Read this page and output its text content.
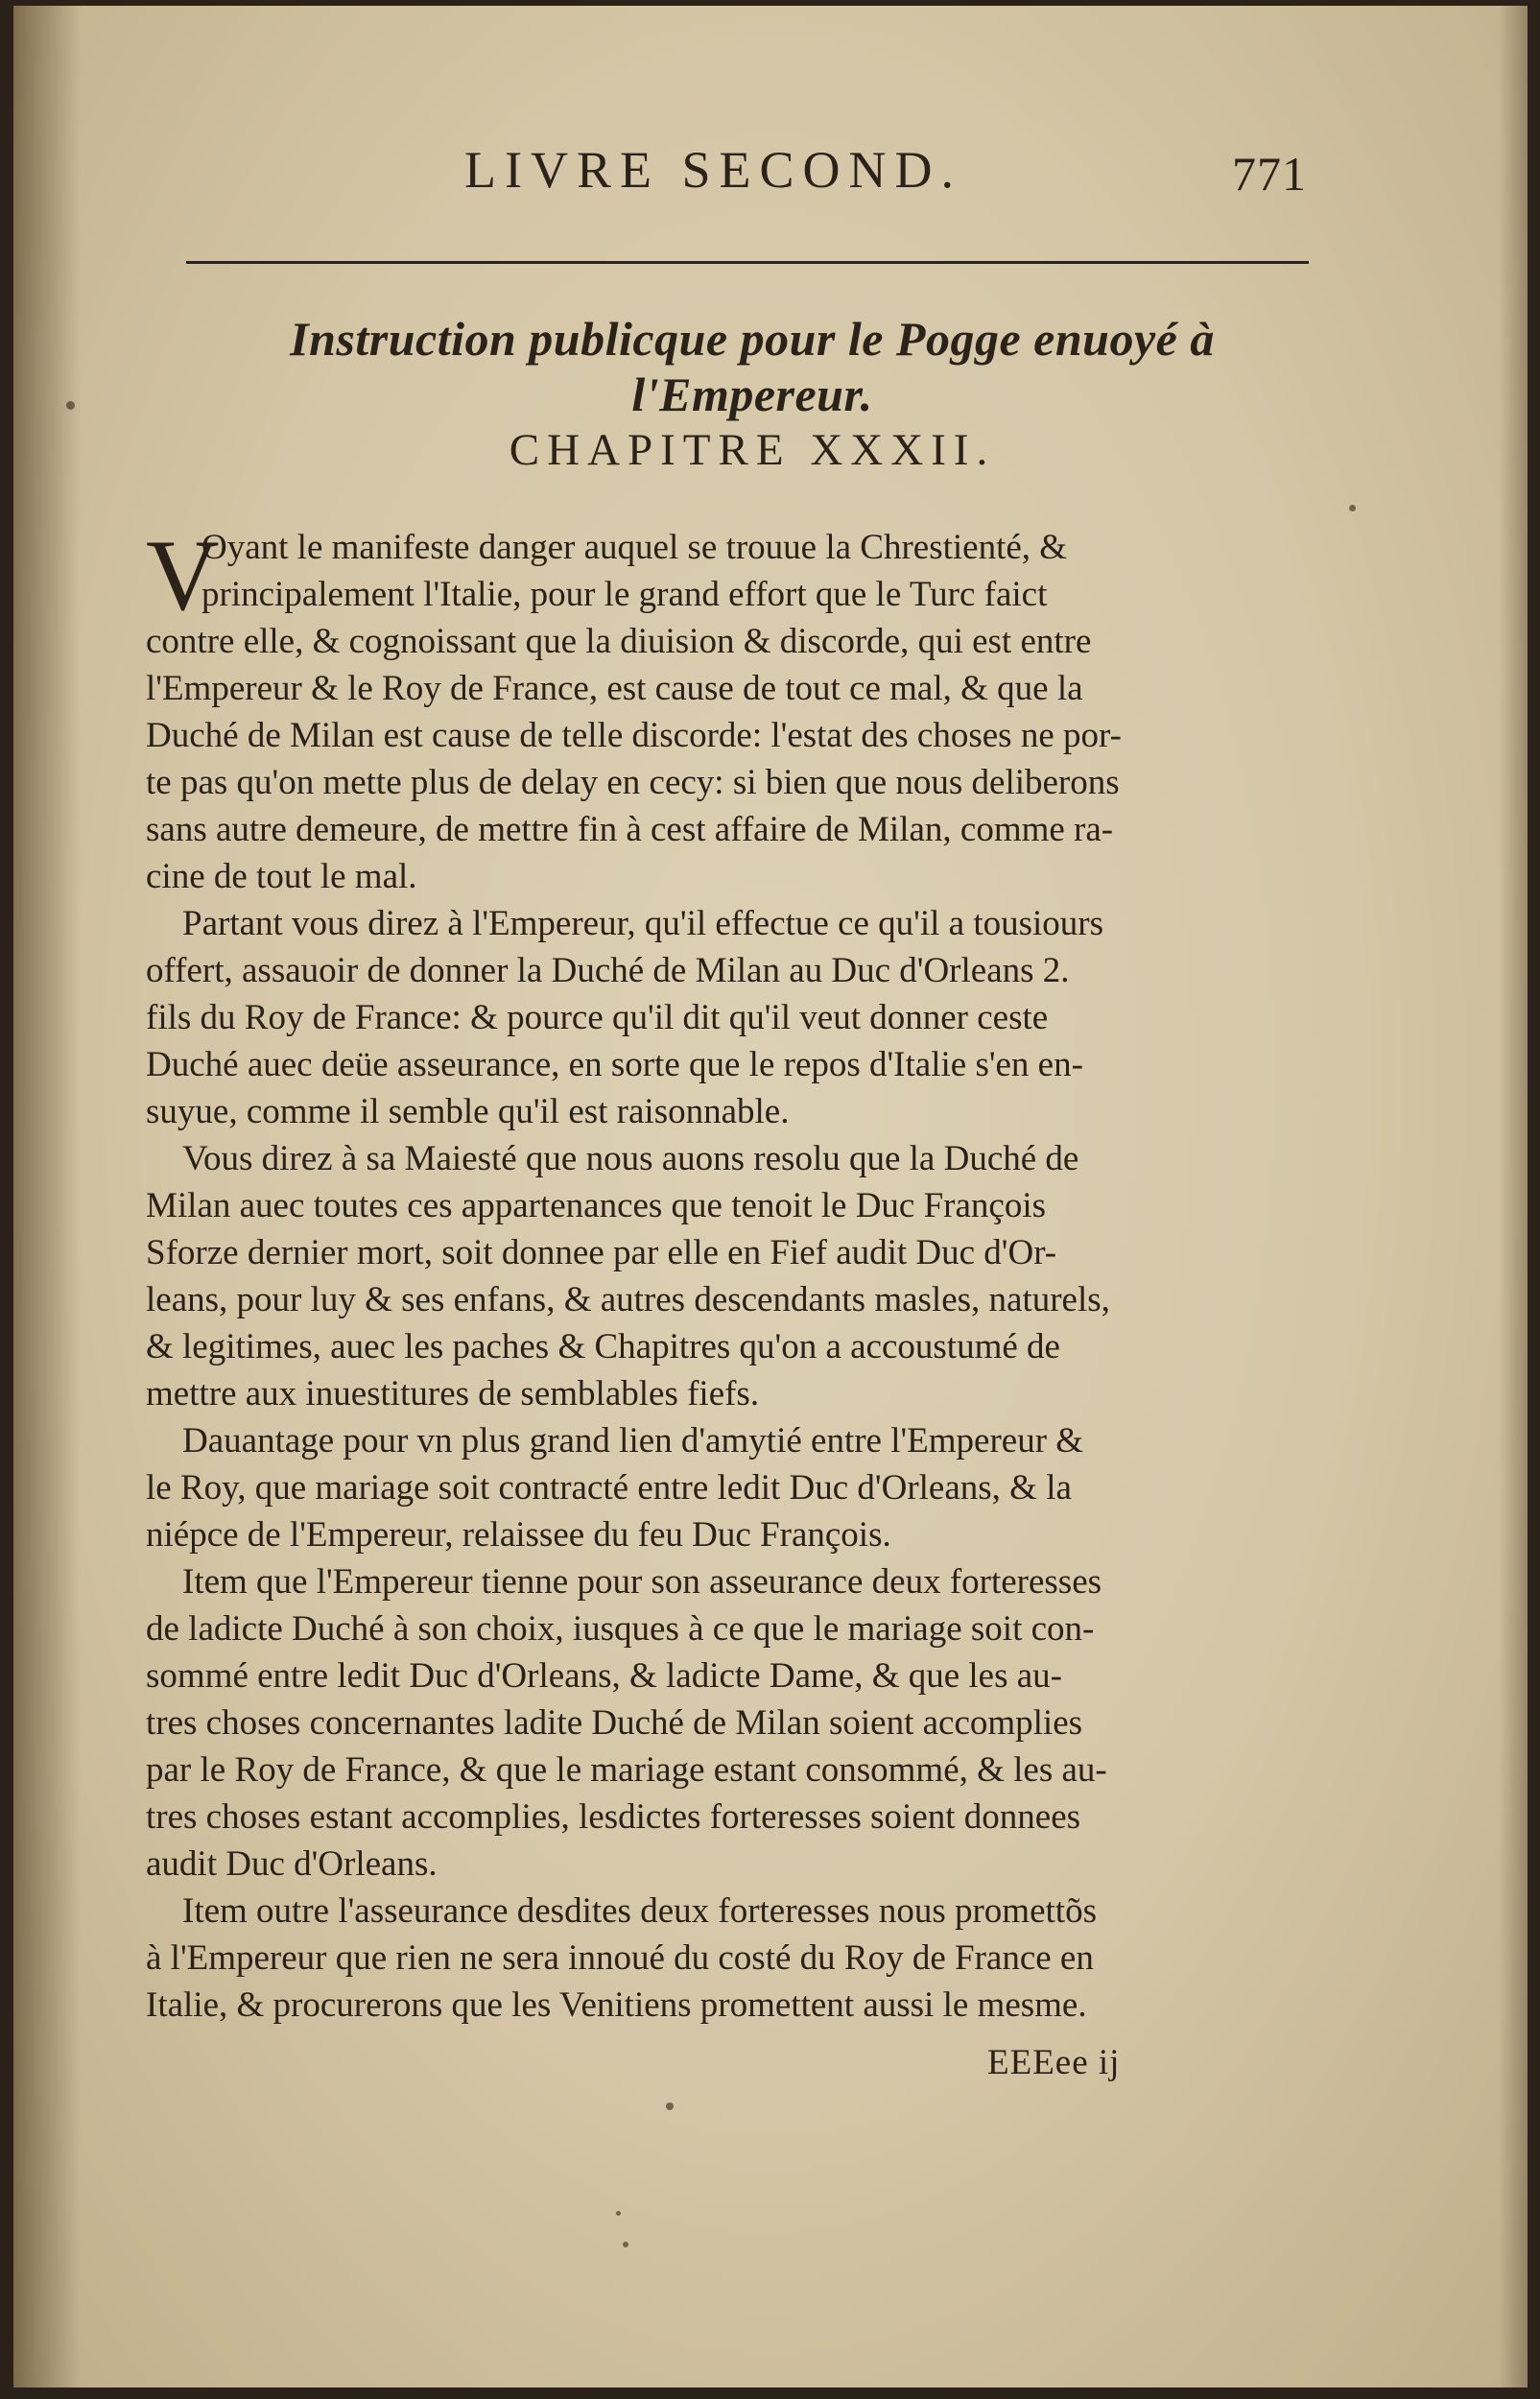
LIVRE SECOND.	771
Instruction publicque pour le Pogge enuoyé à l'Empereur.
CHAPITRE XXXII.
V
Oyant le manifeste danger auquel se trouue la Chrestienté, &
principalement l'Italie, pour le grand effort que le Turc faict
contre elle, & cognoissant que la diuision & discorde, qui est entre
l'Empereur & le Roy de France, est cause de tout ce mal, & que la
Duché de Milan est cause de telle discorde: l'estat des choses ne por-
te pas qu'on mette plus de delay en cecy: si bien que nous deliberons
sans autre demeure, de mettre fin à cest affaire de Milan, comme ra-
cine de tout le mal.
Partant vous direz à l'Empereur, qu'il effectue ce qu'il a tousiours
offert, assauoir de donner la Duché de Milan au Duc d'Orleans 2.
fils du Roy de France: & pource qu'il dit qu'il veut donner ceste
Duché auec deüe asseurance, en sorte que le repos d'Italie s'en en-
suyue, comme il semble qu'il est raisonnable.
Vous direz à sa Maiesté que nous auons resolu que la Duché de
Milan auec toutes ces appartenances que tenoit le Duc François
Sforze dernier mort, soit donnee par elle en Fief audit Duc d'Or-
leans, pour luy & ses enfans, & autres descendants masles, naturels,
& legitimes, auec les paches & Chapitres qu'on a accoustumé de
mettre aux inuestitures de semblables fiefs.
Dauantage pour vn plus grand lien d'amytié entre l'Empereur &
le Roy, que mariage soit contracté entre ledit Duc d'Orleans, & la
niépce de l'Empereur, relaissee du feu Duc François.
Item que l'Empereur tienne pour son asseurance deux forteresses
de ladicte Duché à son choix, iusques à ce que le mariage soit con-
sommé entre ledit Duc d'Orleans, & ladicte Dame, & que les au-
tres choses concernantes ladite Duché de Milan soient accomplies
par le Roy de France, & que le mariage estant consommé, & les au-
tres choses estant accomplies, lesdictes forteresses soient donnees
audit Duc d'Orleans.
Item outre l'asseurance desdites deux forteresses nous promettõs
à l'Empereur que rien ne sera innoué du costé du Roy de France en
Italie, & procurerons que les Venitiens promettent aussi le mesme.
EEEee ij
